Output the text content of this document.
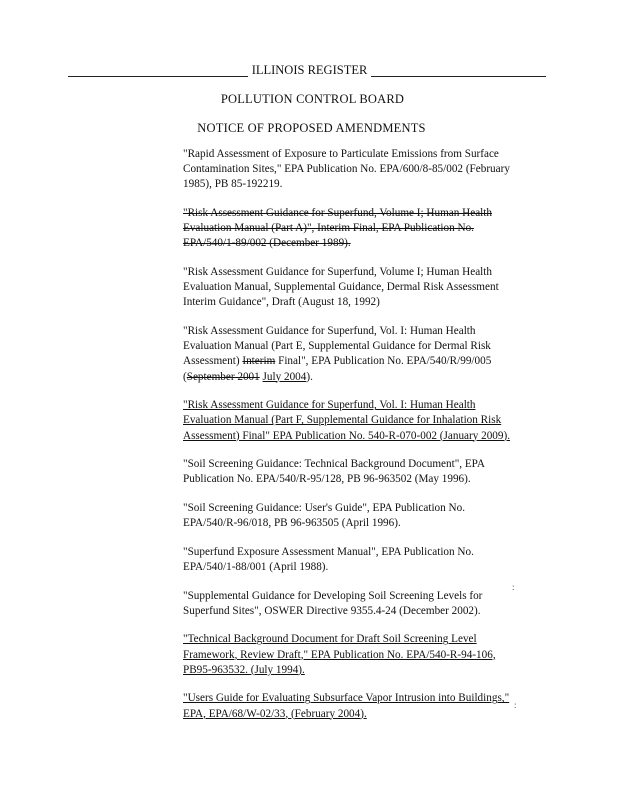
ILLINOIS REGISTER
POLLUTION CONTROL BOARD
NOTICE OF PROPOSED AMENDMENTS
"Rapid Assessment of Exposure to Particulate Emissions from Surface
Contamination Sites," EPA Publication No. EPA/600/8-85/002 (February
1985), PB 85-192219.
"Risk Assessment Guidance for Superfund, Volume I; Human Health
Evaluation Manual (Part A)", Interim Final, EPA Publication No.
EPA/540/1-89/002 (December 1989).
"Risk Assessment Guidance for Superfund, Volume I; Human Health
Evaluation Manual, Supplemental Guidance, Dermal Risk Assessment
Interim Guidance", Draft (August 18, 1992)
"Risk Assessment Guidance for Superfund, Vol. I: Human Health
Evaluation Manual (Part E, Supplemental Guidance for Dermal Risk
Assessment) Interim Final", EPA Publication No. EPA/540/R/99/005
(September 2001 July 2004).
"Risk Assessment Guidance for Superfund, Vol. I: Human Health
Evaluation Manual (Part F, Supplemental Guidance for Inhalation Risk
Assessment) Final" EPA Publication No. 540-R-070-002 (January 2009).
"Soil Screening Guidance: Technical Background Document", EPA
Publication No. EPA/540/R-95/128, PB 96-963502 (May 1996).
"Soil Screening Guidance: User's Guide", EPA Publication No.
EPA/540/R-96/018, PB 96-963505 (April 1996).
"Superfund Exposure Assessment Manual", EPA Publication No.
EPA/540/1-88/001 (April 1988).
"Supplemental Guidance for Developing Soil Screening Levels for
Superfund Sites", OSWER Directive 9355.4-24 (December 2002).
"Technical Background Document for Draft Soil Screening Level
Framework, Review Draft," EPA Publication No. EPA/540-R-94-106,
PB95-963532. (July 1994).
"Users Guide for Evaluating Subsurface Vapor Intrusion into Buildings,"
EPA, EPA/68/W-02/33, (February 2004).
:
:
